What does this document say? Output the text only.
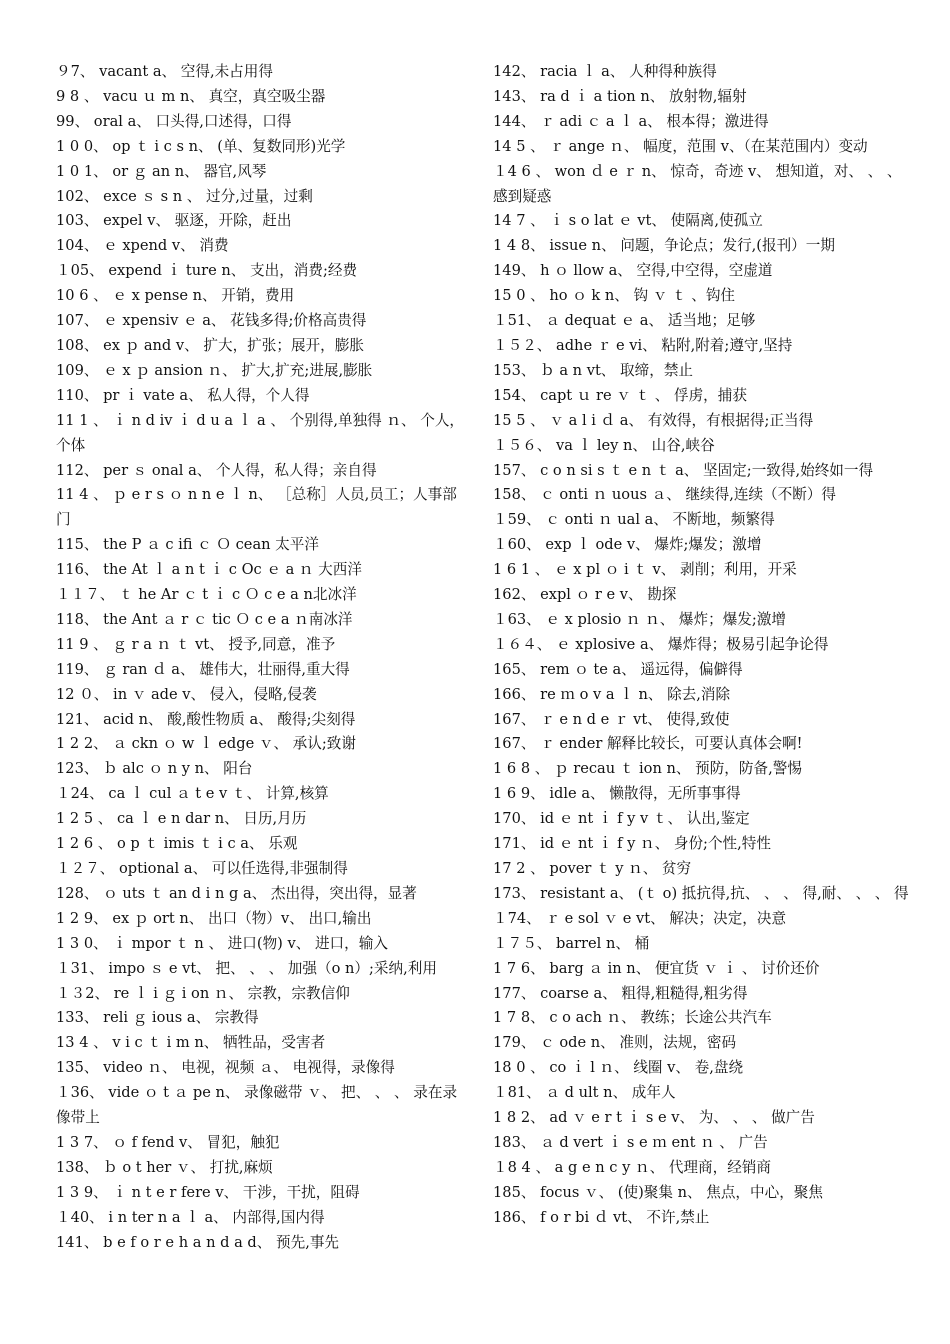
９7、 vacant a、 空得,未占用得
9 8 、 vacu ｕ m n、 真空，真空吸尘器
99、 oral a、 口头得,口述得，口得
1 0 0、 op ｔ i c s n、 (单、复数同形)光学
1 0 1、 or ｇ an n、 器官,风琴
102、 exce ｓ s n 、 过分,过量，过剩
103、 expel v、 驱逐，开除，赶出
104、 ｅ xpend v、 消费
１05、 expend ｉ ture n、 支出，消费;经费
10 6 、 ｅ x pense n、 开销，费用
107、 ｅ xpensiv ｅ a、 花钱多得;价格高贵得
108、 ex ｐ and v、 扩大，扩张；展开，膨胀
109、 ｅ x ｐ ansion ｎ、 扩大,扩充;进展,膨胀
110、 pr ｉ vate a、 私人得，个人得
11 1 、 ｉ n d iv ｉ d u a ｌ a 、 个别得,单独得 ｎ、 个人，个体
112、 per ｓ onal a、 个人得，私人得；亲自得
11 4 、 ｐ e r s ｏ n n e ｌ n、 ［总称］人员,员工；人事部门
115、 the P ａ c ifi ｃ Ｏ cean 太平洋
116、 the At ｌ a n t ｉ c Oc ｅ a ｎ 大西洋
１１７、 ｔ he Ar ｃ t ｉ c Ｏ c e a n北冰洋
118、 the Ant ａ r ｃ tic Ｏ c e a ｎ南冰洋
11 9 、 ｇ r a ｎ ｔ vt、 授予,同意，准予
119、 ｇ ran ｄ a、 雄伟大，壮丽得,重大得
12 ０、 in ｖ ade v、 侵入，侵略,侵袭
121、 acid n、 酸,酸性物质 a、 酸得;尖刻得
1 2 2、 ａ ckn ｏ w ｌ edge ｖ、 承认;致谢
123、 ｂ alc ｏ n y n、 阳台
１24、 ca ｌ cul ａ t e v ｔ、 计算,核算
1 2 5 、 ca ｌ e n dar n、 日历,月历
1 2 6 、 o p ｔ imis ｔ i c a、 乐观
１２７、 optional a、 可以任选得,非强制得
128、 ｏ uts ｔ an d i n g a、 杰出得，突出得，显著
1 2 9、 ex ｐ ort n、 出口（物）v、 出口,输出
1 3 0、 ｉ mpor ｔ n 、 进口(物) v、 进口，输入
１31、 impo ｓ e vt、 把、 、 、 加强（o n）;采纳,利用
１３2、 re ｌ i ｇ i on ｎ、 宗教，宗教信仰
133、 reli ｇ ious a、 宗教得
13 4 、 v i c ｔ i m n、 牺牲品，受害者
135、 video ｎ、 电视，视频 ａ、 电视得，录像得
１36、 vide ｏ t ａ pe n、 录像磁带 ｖ、 把、 、 、 录在录像带上
1 3 7、 ｏ f fend v、 冒犯，触犯
138、 ｂ o t her ｖ、 打扰,麻烦
1 3 9、 ｉ n t e r fere v、 干涉，干扰，阻碍
１40、 i n ter n a ｌ a、 内部得,国内得
141、 b e f o r e h a n d a d、 预先,事先
142、 racia ｌ a、 人种得种族得
143、 ra d ｉ a tion n、 放射物,辐射
144、 ｒ adi ｃ a ｌ a、 根本得；激进得
14 5 、 ｒ ange ｎ、 幅度，范围 v、（在某范围内）变动
１4 6 、 won ｄ e ｒ n、 惊奇，奇迹 v、 想知道，对、 、 、 感到疑惑
14 7 、 ｉ s o lat ｅ vt、 使隔离,使孤立
1 4 8、 issue n、 问题，争论点；发行,(报刊）一期
149、 h ｏ llow a、 空得,中空得，空虚道
15 0 、 ho ｏ k n、 钩 ｖ ｔ 、钩住
１51、 ａ dequat ｅ a、 适当地；足够
１５２、 adhe ｒ e vi、 粘附,附着;遵守,坚持
153、 ｂ a n vt、 取缔，禁止
154、 capt ｕ re ｖ ｔ 、 俘虏，捕获
15 5 、 ｖ a l i ｄ a、 有效得，有根据得;正当得
１５６、 va ｌ ley n、 山谷,峡谷
157、 c o n si s ｔ e n ｔ a、 坚固定;一致得,始终如一得
158、 ｃ onti ｎ uous ａ、 继续得,连续（不断）得
１59、 ｃ onti ｎ ual a、 不断地，频繁得
１60、 exp ｌ ode v、 爆炸;爆发；激增
1 6 1 、 ｅ x pl ｏ i ｔ v、 剥削；利用，开采
162、 expl ｏ r e v、 勘探
１63、 ｅ x plosio ｎ ｎ、 爆炸；爆发;激增
１６４、 ｅ xplosive a、 爆炸得；极易引起争论得
165、 rem ｏ te a、 遥远得，偏僻得
166、 re ｍ o v a ｌ n、 除去,消除
167、 ｒ e n d e ｒ vt、 使得,致使
167、 ｒ ender 解释比较长，可要认真体会啊!
1 6 8 、 ｐ recau ｔ ion n、 预防，防备,警惕
1 6 9、 idle a、 懒散得，无所事事得
170、 id ｅ nt ｉ f y v ｔ、 认出,鉴定
171、 id ｅ nt ｉ f y ｎ、 身份;个性,特性
17 2 、 pover ｔ y ｎ、 贫穷
173、 resistant a、 (ｔ o) 抵抗得,抗、 、 、 得,耐、 、 、 得
１74、 ｒ e sol ｖ e vt、 解决；决定，决意
１７５、 barrel n、 桶
1 7 6、 barg ａ in n、 便宜货 ｖ ｉ 、 讨价还价
177、 coarse a、 粗得,粗糙得,粗劣得
1 7 8、 c o ach ｎ、 教练；长途公共汽车
179、 ｃ ode n、 准则，法规，密码
18 0 、 co ｉ l ｎ、 线圈 v、 卷,盘绕
１81、 ａ d ult n、 成年人
1 8 2、 ad ｖ e r t ｉ s e v、 为、 、 、 做广告
183、 ａ d vert ｉ s e ｍ ent ｎ 、 广告
１8 4 、 a g e n c y ｎ、 代理商，经销商
185、 focus ｖ、 (使)聚集 n、 焦点，中心，聚焦
186、 f o r bi ｄ vt、 不许,禁止
